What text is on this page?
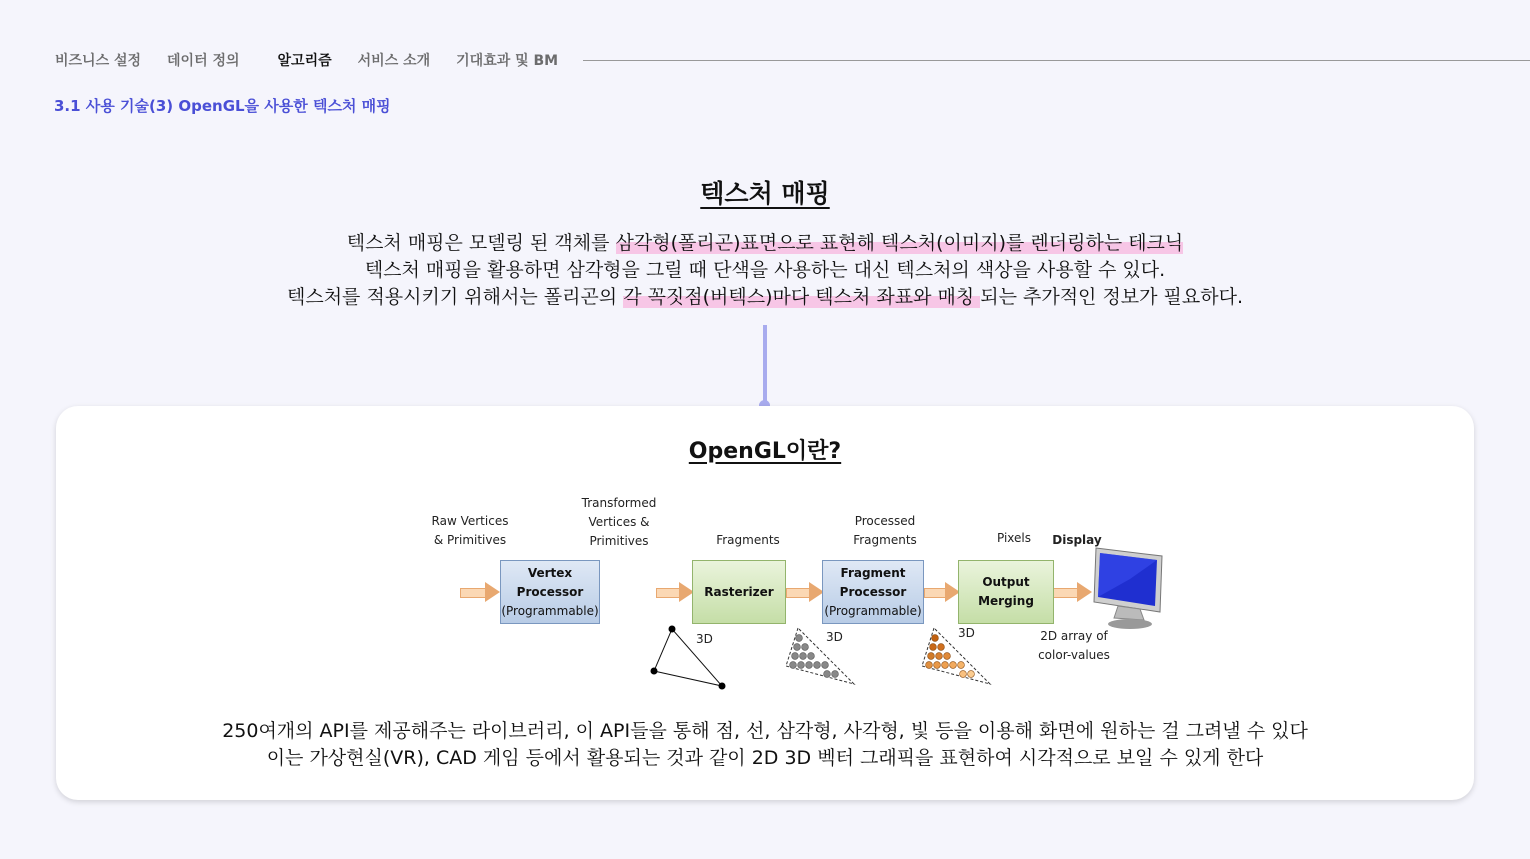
비즈니스 설정 데이터 정의	알고리즘 서비스 소개 기대효과 및 BM
3.1 사용 기술(3) OpenGL을 사용한 텍스처 매핑
텍스처 매핑
텍스처 매핑은 모델링 된 객체를 삼각형(폴리곤)표면으로 표현해 텍스처(이미지)를 렌더링하는 테크닉
텍스처 매핑을 활용하면 삼각형을 그릴 때 단색을 사용하는 대신 텍스처의 색상을 사용할 수 있다.
텍스처를 적용시키기 위해서는 폴리곤의 각 꼭짓점(버텍스)마다 텍스처 좌표와 매칭 되는 추가적인 정보가 필요하다.
OpenGL이란?
Raw Vertices
& Primitives
Transformed
Vertices &
Primitives	Fragments
Processed
Fragments	Pixels	Display
Vertex
Processor
(Programmable)
Rasterizer
Fragment
Processor
(Programmable)
Output
Merging
3D	3D	3D	2D array of
color-values
250여개의 API를 제공해주는 라이브러리, 이 API들을 통해 점, 선, 삼각형, 사각형, 빛 등을 이용해 화면에 원하는 걸 그려낼 수 있다
이는 가상현실(VR), CAD 게임 등에서 활용되는 것과 같이 2D 3D 벡터 그래픽을 표현하여 시각적으로 보일 수 있게 한다
